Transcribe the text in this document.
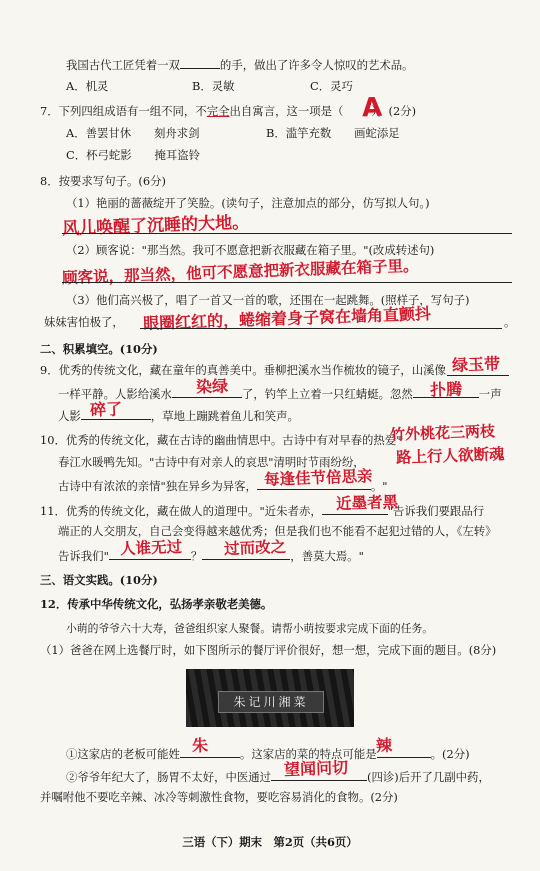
我国古代工匠凭着一双	的手，做出了许多令人惊叹的艺术品。
A．机灵	B．灵敏	C．灵巧
7．下列四组成语有一组不同，不完全出自寓言，这一项是（ ）。(2分)
A
A．善罢甘休　　刻舟求剑	B．滥竽充数　　画蛇添足
C．杯弓蛇影　　掩耳盗铃
8．按要求写句子。(6分)
（1）艳丽的蔷薇绽开了笑脸。(读句子，注意加点的部分，仿写拟人句。)
风儿唤醒了沉睡的大地。
（2）顾客说："那当然。我可不愿意把新衣服藏在箱子里。"(改成转述句)
顾客说，那当然，他可不愿意把新衣服藏在箱子里。
（3）他们高兴极了，唱了一首又一首的歌，还围在一起跳舞。(照样子，写句子)
妹妹害怕极了， 眼圈红红的，蜷缩着身子窝在墙角直颤抖	。
二、积累填空。(10分)
9．优秀的传统文化，藏在童年的真善美中。垂柳把溪水当作梳妆的镜子，山溪像 绿玉带
一样平静。人影给溪水	了，钓竿上立着一只红蜻蜓。忽然	一声
染绿	扑腾
人影	，草地上蹦跳着鱼儿和笑声。
碎了
10．优秀的传统文化，藏在古诗的幽曲情思中。古诗中有对早春的热爱"
竹外桃花三两枝
春江水暖鸭先知。"古诗中有对亲人的哀思"清明时节雨纷纷， 路上行人欲断魂
古诗中有浓浓的亲情"独在异乡为异客，	。"
每逢佳节倍思亲
11．优秀的传统文化，藏在做人的道理中。"近朱者赤，	"告诉我们要跟品行
近墨者黑
端正的人交朋友，自己会变得越来越优秀；但是我们也不能看不起犯过错的人，《左转》
告诉我们"	？	，善莫大焉。"
人谁无过	过而改之
三、语文实践。(10分)
12．传承中华传统文化，弘扬孝亲敬老美德。
小萌的爷爷六十大寿，爸爸组织家人聚餐。请帮小萌按要求完成下面的任务。
（1）爸爸在网上选餐厅时，如下图所示的餐厅评价很好，想一想，完成下面的题目。(8分)
朱记川湘菜
①这家店的老板可能姓	。这家店的菜的特点可能是	。(2分)
朱	辣
②爷爷年纪大了，肠胃不太好，中医通过	(四诊)后开了几副中药，
望闻问切
并嘱咐他不要吃辛辣、冰冷等刺激性食物，要吃容易消化的食物。(2分)
三语（下）期末　第2页（共6页）
